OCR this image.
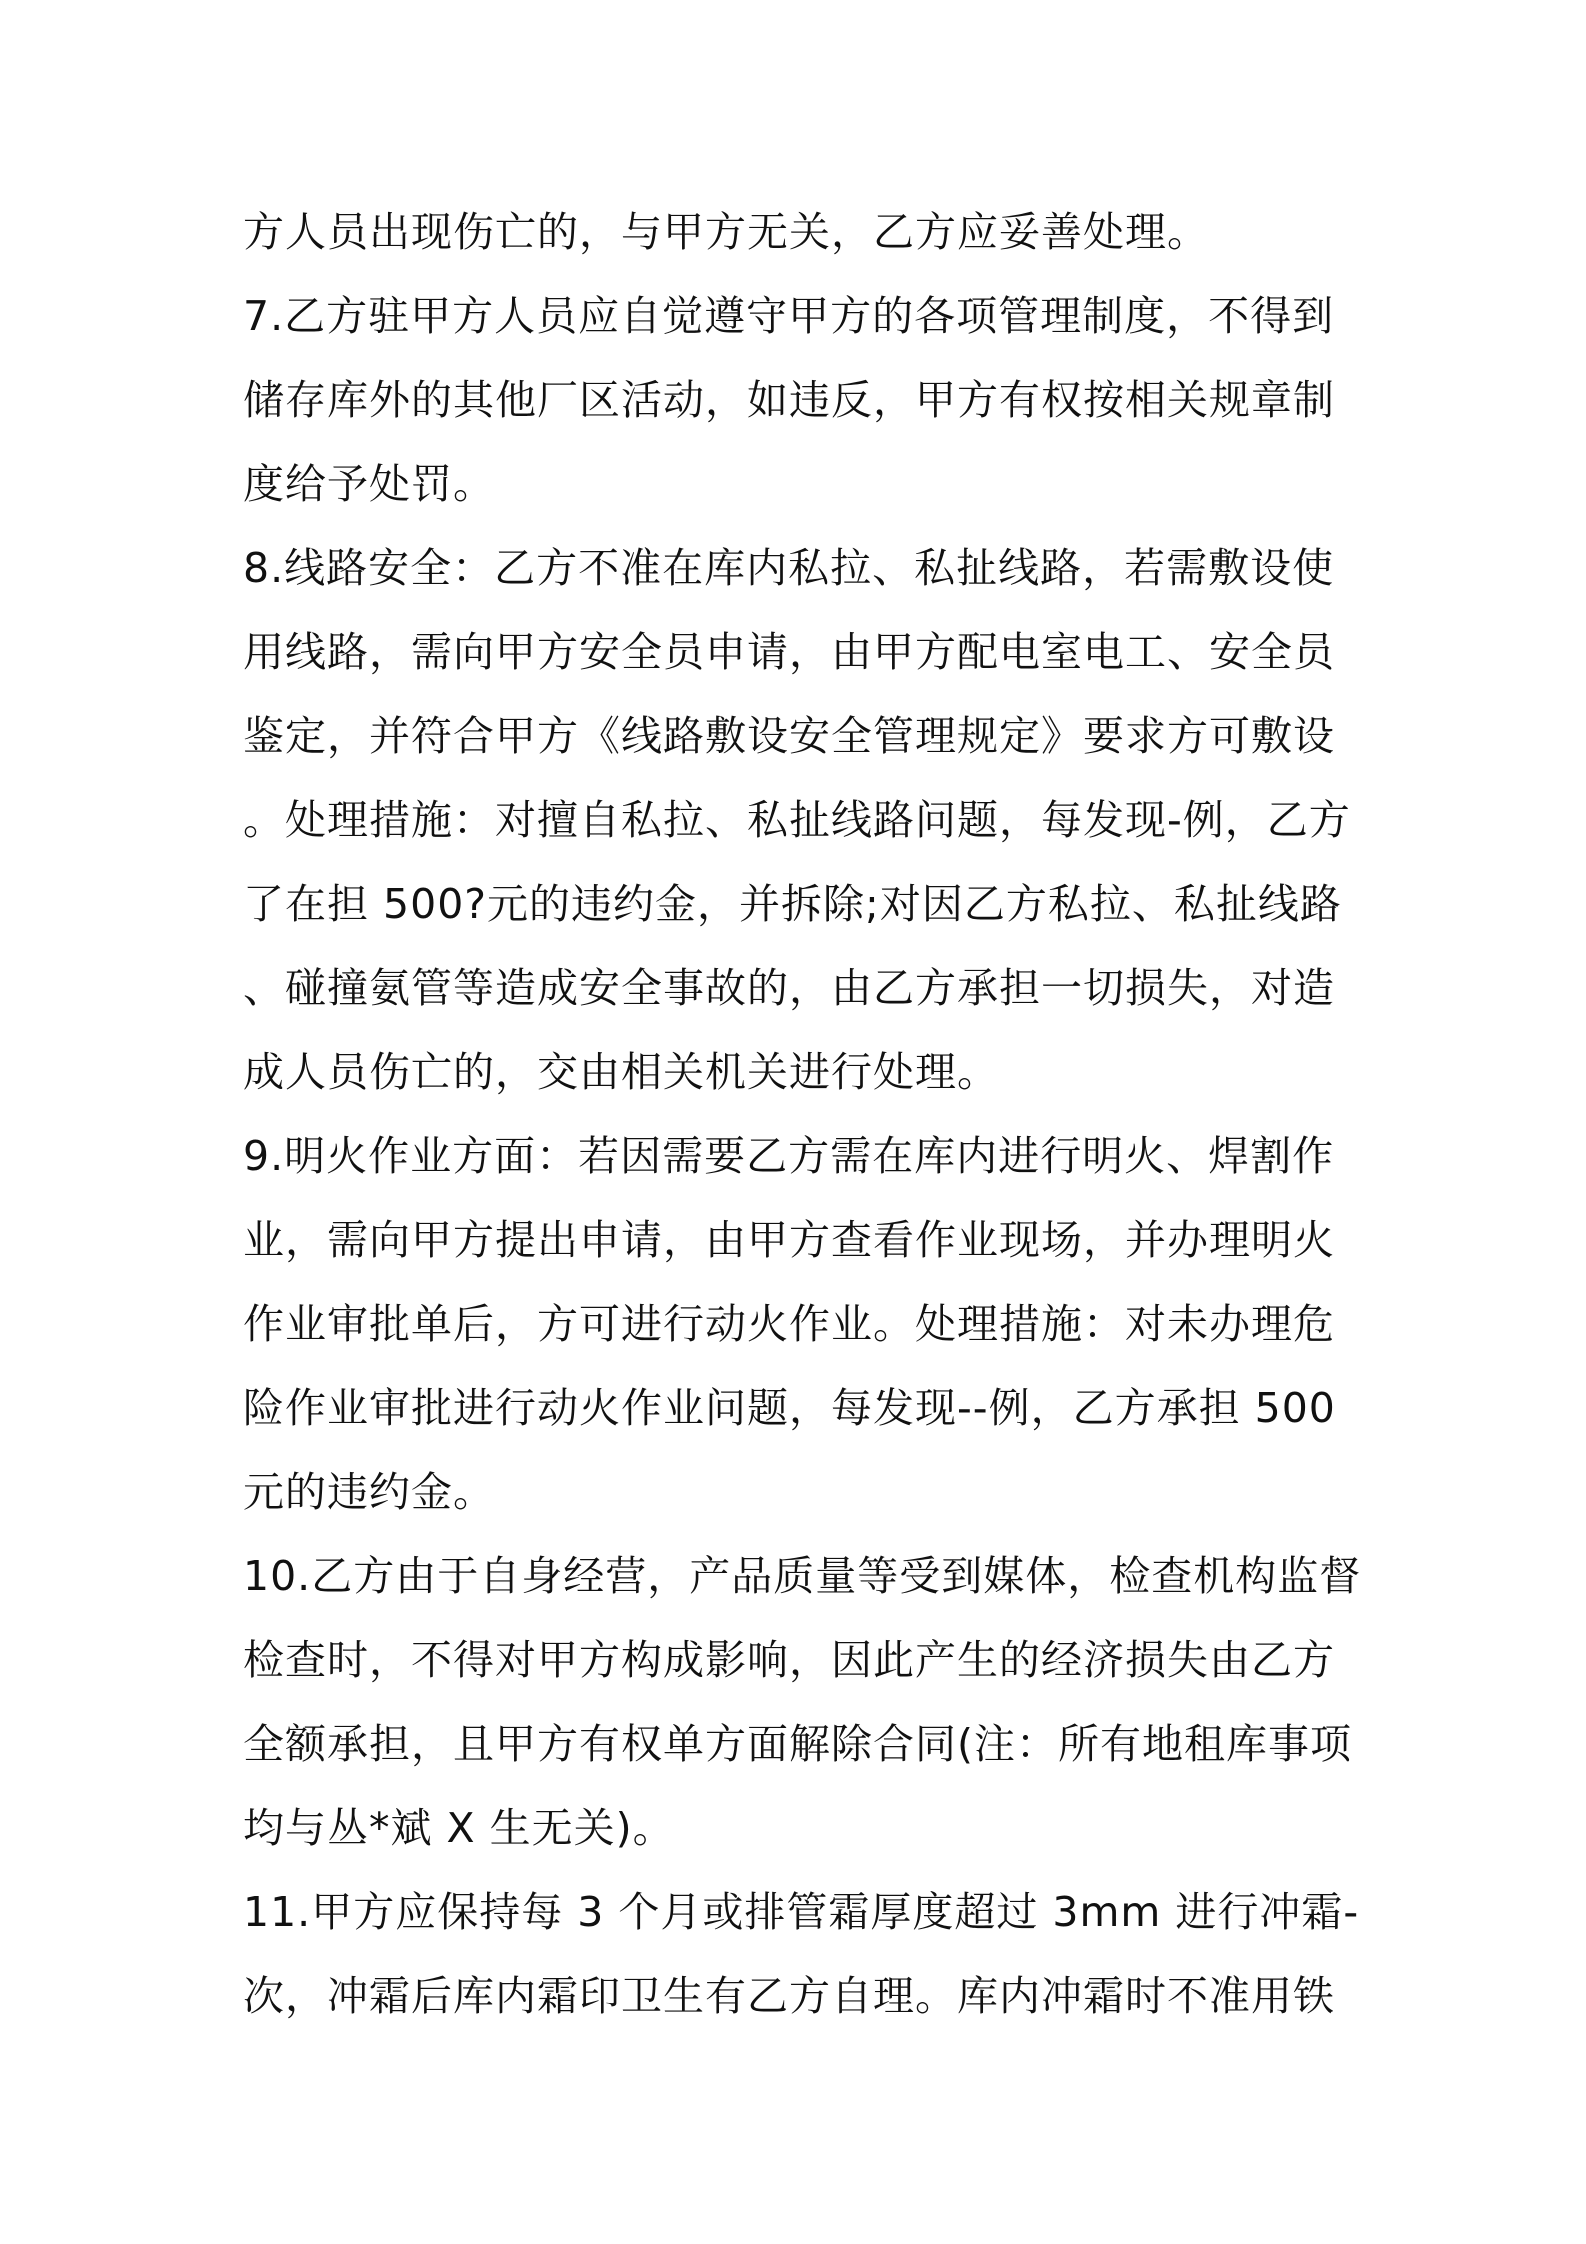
方人员出现伤亡的，与甲方无关，乙方应妥善处理。
7.乙方驻甲方人员应自觉遵守甲方的各项管理制度，不得到
储存库外的其他厂区活动，如违反，甲方有权按相关规章制
度给予处罚。
8.线路安全：乙方不准在库内私拉、私扯线路，若需敷设使
用线路，需向甲方安全员申请，由甲方配电室电工、安全员
鉴定，并符合甲方《线路敷设安全管理规定》要求方可敷设
。处理措施：对擅自私拉、私扯线路问题，每发现-例，乙方
了在担 500?元的违约金，并拆除;对因乙方私拉、私扯线路
、碰撞氨管等造成安全事故的，由乙方承担一切损失，对造
成人员伤亡的，交由相关机关进行处理。
9.明火作业方面：若因需要乙方需在库内进行明火、焊割作
业，需向甲方提出申请，由甲方查看作业现场，并办理明火
作业审批单后，方可进行动火作业。处理措施：对未办理危
险作业审批进行动火作业问题，每发现--例，乙方承担 500
元的违约金。
10.乙方由于自身经营，产品质量等受到媒体，检查机构监督
检查时，不得对甲方构成影响，因此产生的经济损失由乙方
全额承担，且甲方有权单方面解除合同(注：所有地租库事项
均与丛*斌 X 生无关)。
11.甲方应保持每 3 个月或排管霜厚度超过 3mm 进行冲霜-
次，冲霜后库内霜印卫生有乙方自理。库内冲霜时不准用铁
